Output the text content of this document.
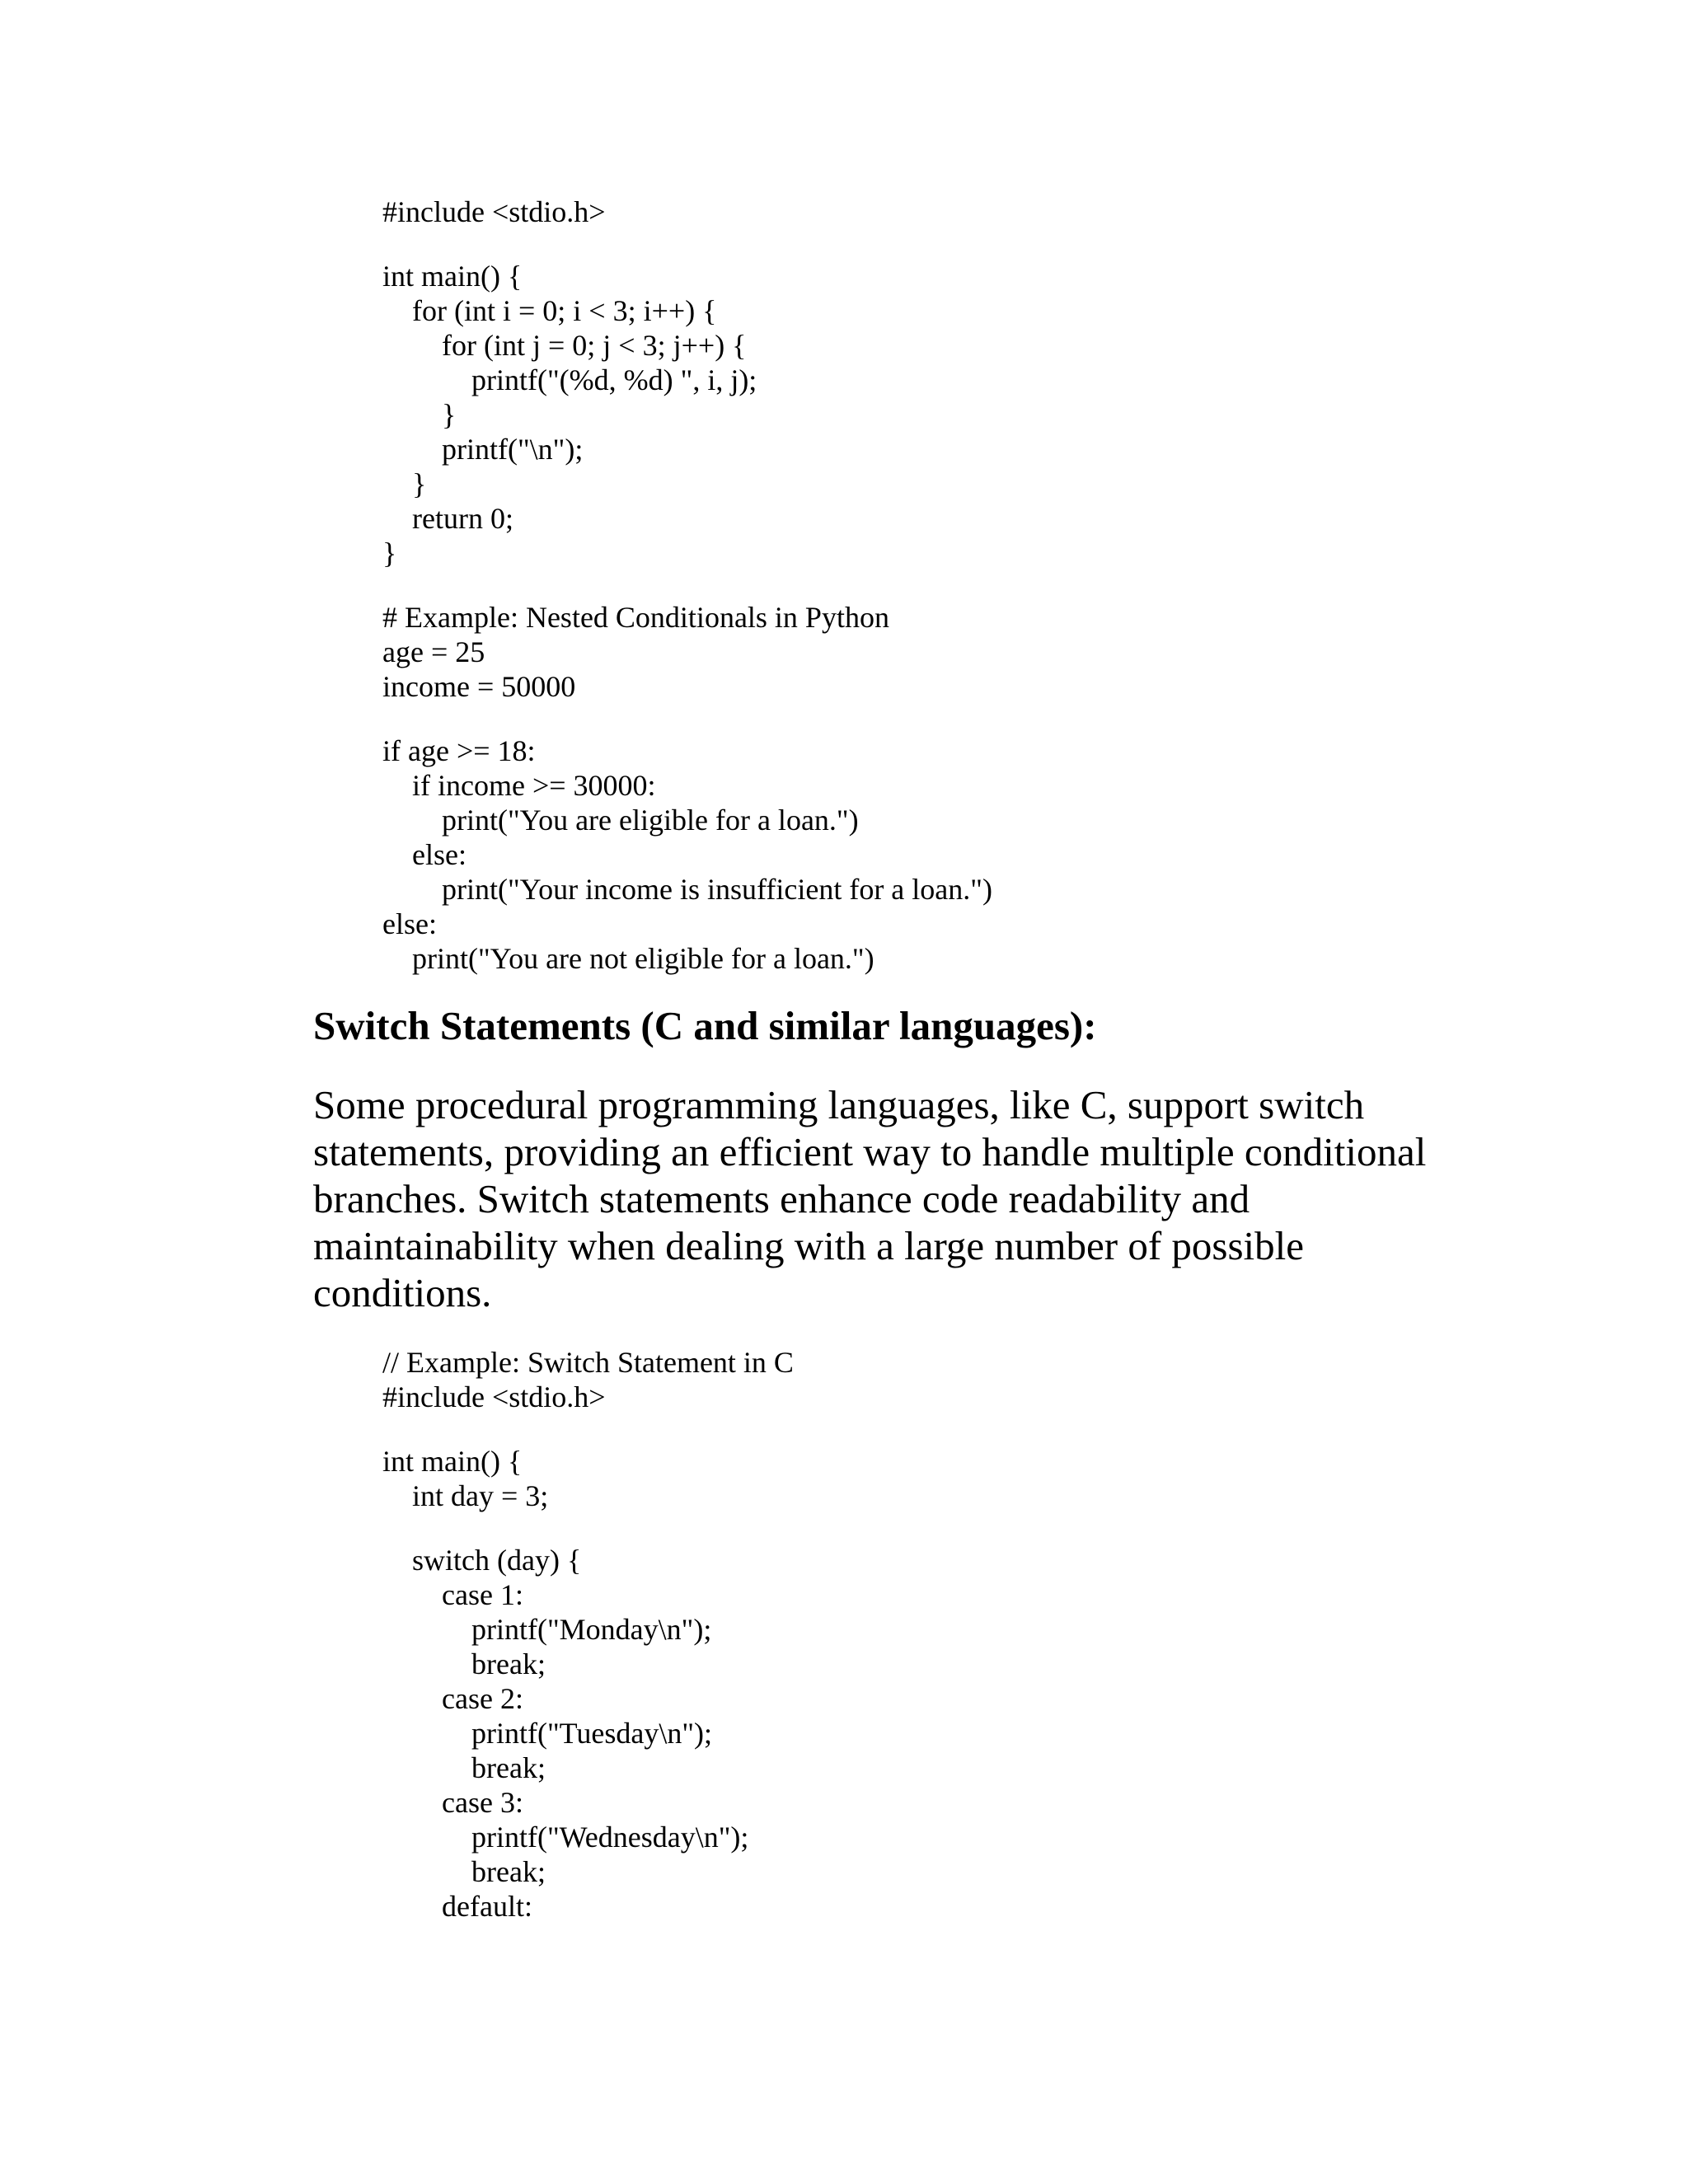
#include <stdio.h>
int main() {
for (int i = 0; i < 3; i++) {
for (int j = 0; j < 3; j++) {
printf("(%d, %d) ", i, j);
}
printf("\n");
}
return 0;
}
# Example: Nested Conditionals in Python
age = 25
income = 50000
if age >= 18:
if income >= 30000:
print("You are eligible for a loan.")
else:
print("Your income is insufficient for a loan.")
else:
print("You are not eligible for a loan.")
Switch Statements (C and similar languages):

Some procedural programming languages, like C, support switch
statements, providing an efficient way to handle multiple conditional
branches. Switch statements enhance code readability and
maintainability when dealing with a large number of possible
conditions.

// Example: Switch Statement in C
#include <stdio.h>
int main() {
int day = 3;
switch (day) {
case 1:
printf("Monday\n");
break;
case 2:
printf("Tuesday\n");
break;
case 3:
printf("Wednesday\n");
break;
default:
